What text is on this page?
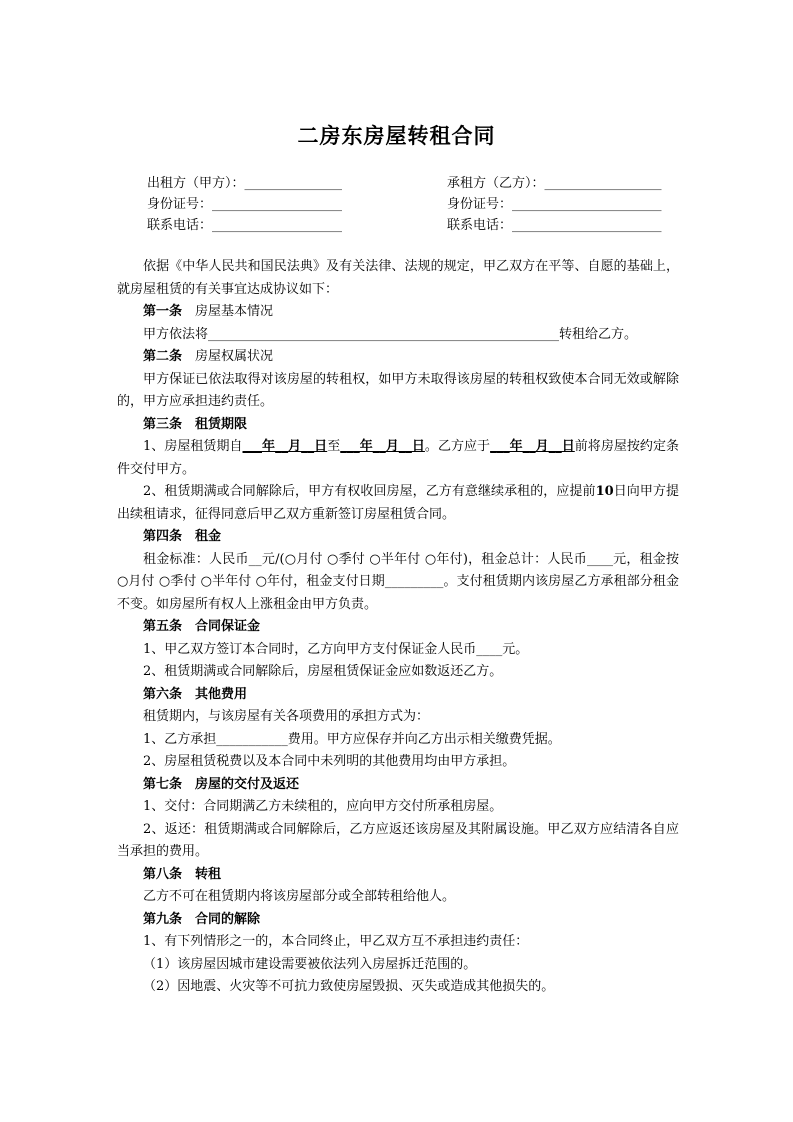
二房东房屋转租合同
出租方（甲方）：_______________	承租方（乙方）：__________________
身份证号：____________________	身份证号：_______________________
联系电话：____________________	联系电话：_______________________

依据《中华人民共和国民法典》及有关法律、法规的规定，甲乙双方在平等、自愿的基础上，就房屋租赁的有关事宜达成协议如下：

第一条 房屋基本情况

甲方依法将______________________________________________________转租给乙方。

第二条 房屋权属状况

甲方保证已依法取得对该房屋的转租权，如甲方未取得该房屋的转租权致使本合同无效或解除的，甲方应承担违约责任。

第三条 租赁期限

1、房屋租赁期自___年__月__日至___年__月__日。乙方应于___年__月__日前将房屋按约定条件交付甲方。

2、租赁期满或合同解除后，甲方有权收回房屋，乙方有意继续承租的，应提前10日向甲方提出续租请求，征得同意后甲乙双方重新签订房屋租赁合同。

第四条 租金

租金标准：人民币__元/(○月付 ○季付 ○半年付 ○年付)，租金总计：人民币____元，租金按○月付 ○季付 ○半年付 ○年付，租金支付日期_________。支付租赁期内该房屋乙方承租部分租金不变。如房屋所有权人上涨租金由甲方负责。

第五条 合同保证金

1、甲乙双方签订本合同时，乙方向甲方支付保证金人民币____元。

2、租赁期满或合同解除后，房屋租赁保证金应如数返还乙方。

第六条 其他费用

租赁期内，与该房屋有关各项费用的承担方式为：

1、乙方承担___________费用。甲方应保存并向乙方出示相关缴费凭据。

2、房屋租赁税费以及本合同中未列明的其他费用均由甲方承担。

第七条 房屋的交付及返还

1、交付：合同期满乙方未续租的，应向甲方交付所承租房屋。

2、返还：租赁期满或合同解除后，乙方应返还该房屋及其附属设施。甲乙双方应结清各自应当承担的费用。

第八条 转租

乙方不可在租赁期内将该房屋部分或全部转租给他人。

第九条 合同的解除

1、有下列情形之一的，本合同终止，甲乙双方互不承担违约责任：

（1）该房屋因城市建设需要被依法列入房屋拆迁范围的。

（2）因地震、火灾等不可抗力致使房屋毁损、灭失或造成其他损失的。
